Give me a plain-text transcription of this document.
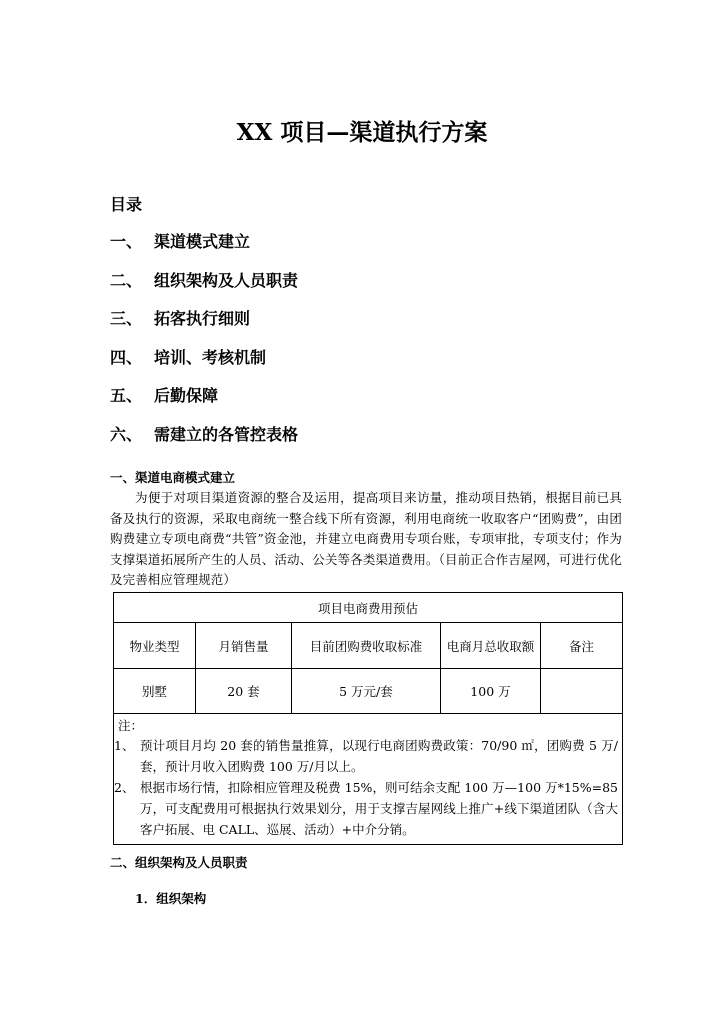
XX 项目—渠道执行方案
目录
一、 渠道模式建立
二、 组织架构及人员职责
三、 拓客执行细则
四、 培训、考核机制
五、 后勤保障
六、 需建立的各管控表格
一、渠道电商模式建立
为便于对项目渠道资源的整合及运用，提高项目来访量，推动项目热销，根据目前已具备及执行的资源，采取电商统一整合线下所有资源，利用电商统一收取客户“团购费”，由团购费建立专项电商费“共管”资金池，并建立电商费用专项台账，专项审批，专项支付；作为支撑渠道拓展所产生的人员、活动、公关等各类渠道费用。（目前正合作吉屋网，可进行优化及完善相应管理规范）
项目电商费用预估				
物业类型	月销售量	目前团购费收取标准	电商月总收取额	备注
别墅	20 套	5 万元/套	100 万	

注：
1、 预计项目月均 20 套的销售量推算，以现行电商团购费政策：70/90 ㎡，团购费 5 万/套，预计月收入团购费 100 万/月以上。
2、 根据市场行情，扣除相应管理及税费 15%，则可结余支配 100 万—100 万*15%=85 万，可支配费用可根据执行效果划分，用于支撑吉屋网线上推广+线下渠道团队（含大客户拓展、电 CALL、巡展、活动）+中介分销。				
二、组织架构及人员职责
1．组织架构
